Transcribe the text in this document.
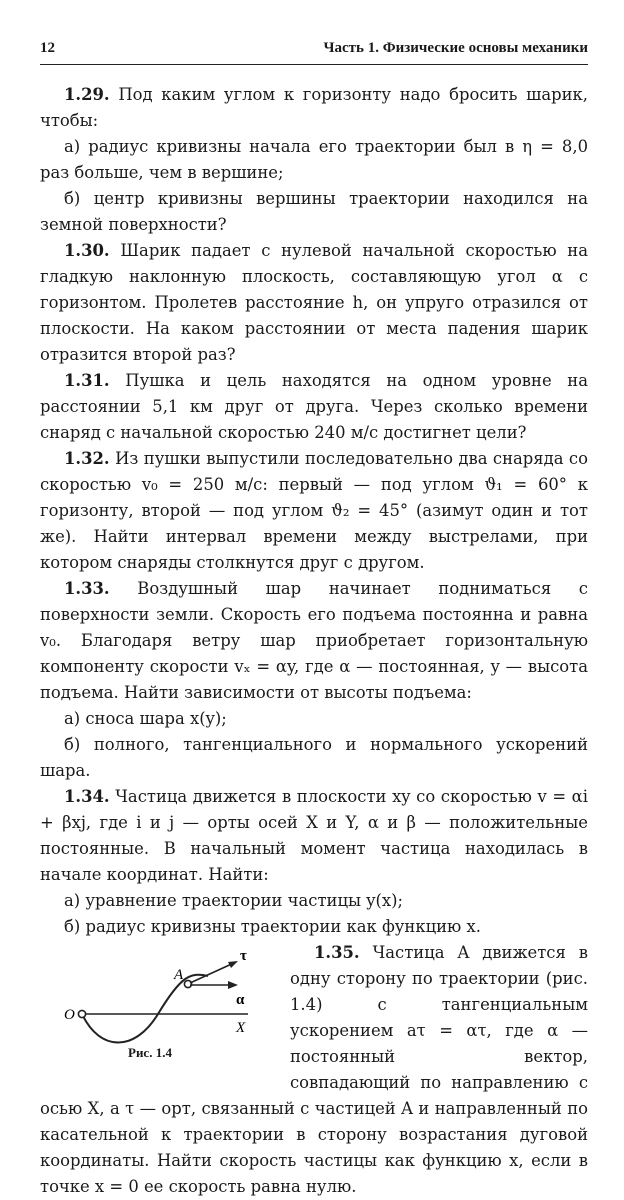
12	Часть 1. Физические основы механики

1.29. Под каким углом к горизонту надо бросить шарик, чтобы:

а) радиус кривизны начала его траектории был в η = 8,0 раз больше, чем в вершине;

б) центр кривизны вершины траектории находился на земной поверхности?

1.30. Шарик падает с нулевой начальной скоростью на гладкую наклонную плоскость, составляющую угол α с горизонтом. Пролетев расстояние h, он упруго отразился от плоскости. На каком расстоянии от места падения шарик отразится второй раз?

1.31. Пушка и цель находятся на одном уровне на расстоянии 5,1 км друг от друга. Через сколько времени снаряд с начальной скоростью 240 м/с достигнет цели?

1.32. Из пушки выпустили последовательно два снаряда со скоростью v₀ = 250 м/с: первый — под углом ϑ₁ = 60° к горизонту, второй — под углом ϑ₂ = 45° (азимут один и тот же). Найти интервал времени между выстрелами, при котором снаряды столкнутся друг с другом.

1.33. Воздушный шар начинает подниматься с поверхности земли. Скорость его подъема постоянна и равна v₀. Благодаря ветру шар приобретает горизонтальную компоненту скорости vₓ = αy, где α — постоянная, y — высота подъема. Найти зависимости от высоты подъема:

а) сноса шара x(y);

б) полного, тангенциального и нормального ускорений шара.

1.34. Частица движется в плоскости xy со скоростью v = αi + βxj, где i и j — орты осей X и Y, α и β — положительные постоянные. В начальный момент частица находилась в начале координат. Найти:

а) уравнение траектории частицы y(x);

б) радиус кривизны траектории как функцию x.

O
X
A
τ
α
Рис. 1.4

1.35. Частица A движется в одну сторону по траектории (рис. 1.4) с тангенциальным ускорением aτ = ατ, где α — постоянный вектор, совпадающий по направлению с осью X, а τ — орт, связанный с частицей A и направленный по касательной к траектории в сторону возрастания дуговой координаты. Найти скорость частицы как функцию x, если в точке x = 0 ее скорость равна нулю.
